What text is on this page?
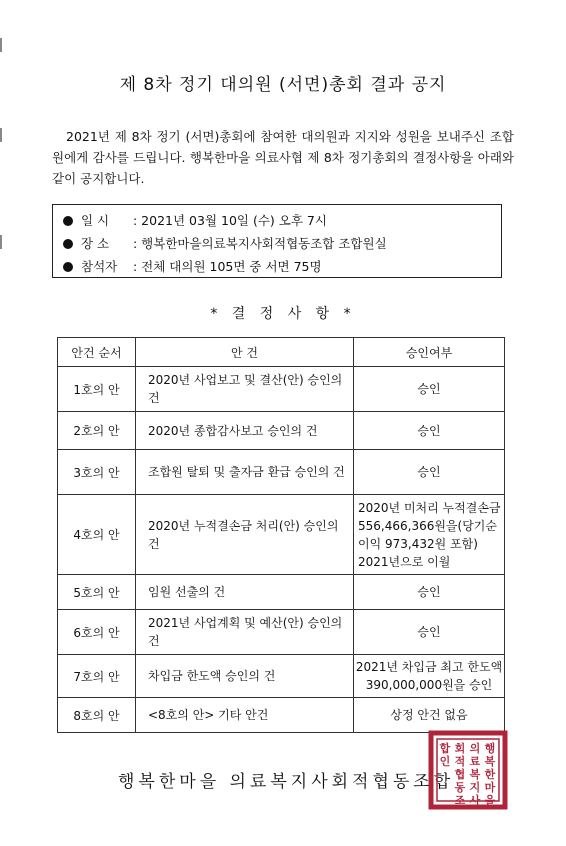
제 8차 정기 대의원 (서면)총회 결과 공지
2021년 제 8차 정기 (서면)총회에 참여한 대의원과 지지와 성원을 보내주신 조합원에게 감사를 드립니다. 행복한마을 의료사협 제 8차 정기총회의 결정사항을 아래와 같이 공지합니다.
일 시 : 2021년 03월 10일 (수) 오후 7시
장 소 : 행복한마을의료복지사회적협동조합 조합원실
참석자 : 전체 대의원 105면 중 서면 75명
* 결 정 사 항 *
안건 순서	안 건	승인여부
1호의 안	2020년 사업보고 및 결산(안) 승인의 건	승인
2호의 안	2020년 종합감사보고 승인의 건	승인
3호의 안	조합원 탈퇴 및 출자금 환급 승인의 건	승인
4호의 안	2020년 누적결손금 처리(안) 승인의 건	2020년 미처리 누적결손금 556,466,366원을(당기순이익 973,432원 포함) 2021년으로 이월
5호의 안	임원 선출의 건	승인
6호의 안	2021년 사업계획 및 예산(안) 승인의 건	승인
7호의 안	차입금 한도액 승인의 건	2021년 차입금 최고 한도액 390,000,000원을 승인
8호의 안	<8호의 안> 기타 안건	상정 안건 없음
행복한마을 의료복지사회적협동조합
행
복
한
마
을
의
료
복
지
사
회
적
협
동
조
합
인
